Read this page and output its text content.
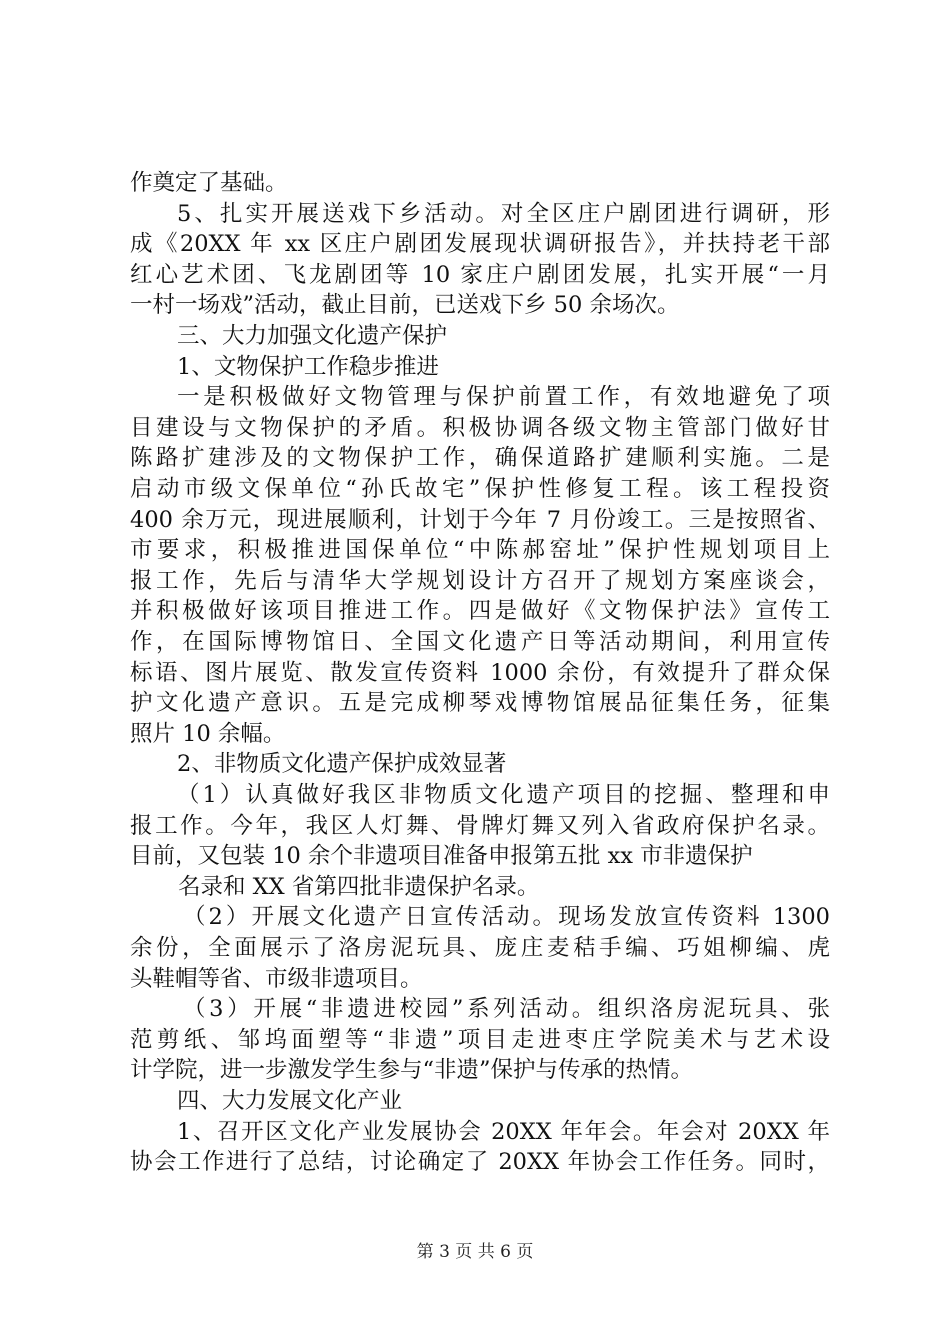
作奠定了基础。
5、扎实开展送戏下乡活动。对全区庄户剧团进行调研，形
成《20XX 年 xx 区庄户剧团发展现状调研报告》，并扶持老干部
红心艺术团、飞龙剧团等 10 家庄户剧团发展，扎实开展“一月
一村一场戏”活动，截止目前，已送戏下乡 50 余场次。
三、大力加强文化遗产保护
1、文物保护工作稳步推进
一是积极做好文物管理与保护前置工作，有效地避免了项
目建设与文物保护的矛盾。积极协调各级文物主管部门做好甘
陈路扩建涉及的文物保护工作，确保道路扩建顺利实施。二是
启动市级文保单位“孙氏故宅”保护性修复工程。该工程投资
400 余万元，现进展顺利，计划于今年 7 月份竣工。三是按照省、
市要求，积极推进国保单位“中陈郝窑址”保护性规划项目上
报工作，先后与清华大学规划设计方召开了规划方案座谈会，
并积极做好该项目推进工作。四是做好《文物保护法》宣传工
作，在国际博物馆日、全国文化遗产日等活动期间，利用宣传
标语、图片展览、散发宣传资料 1000 余份，有效提升了群众保
护文化遗产意识。五是完成柳琴戏博物馆展品征集任务，征集
照片 10 余幅。
2、非物质文化遗产保护成效显著
（1）认真做好我区非物质文化遗产项目的挖掘、整理和申
报工作。今年，我区人灯舞、骨牌灯舞又列入省政府保护名录。
目前，又包装 10 余个非遗项目准备申报第五批 xx 市非遗保护
名录和 XX 省第四批非遗保护名录。
（2）开展文化遗产日宣传活动。现场发放宣传资料 1300
余份，全面展示了洛房泥玩具、庞庄麦秸手编、巧姐柳编、虎
头鞋帽等省、市级非遗项目。
（3）开展“非遗进校园”系列活动。组织洛房泥玩具、张
范剪纸、邹坞面塑等“非遗”项目走进枣庄学院美术与艺术设
计学院，进一步激发学生参与“非遗”保护与传承的热情。
四、大力发展文化产业
1、召开区文化产业发展协会 20XX 年年会。年会对 20XX 年
协会工作进行了总结，讨论确定了 20XX 年协会工作任务。同时，
第 3 页 共 6 页
